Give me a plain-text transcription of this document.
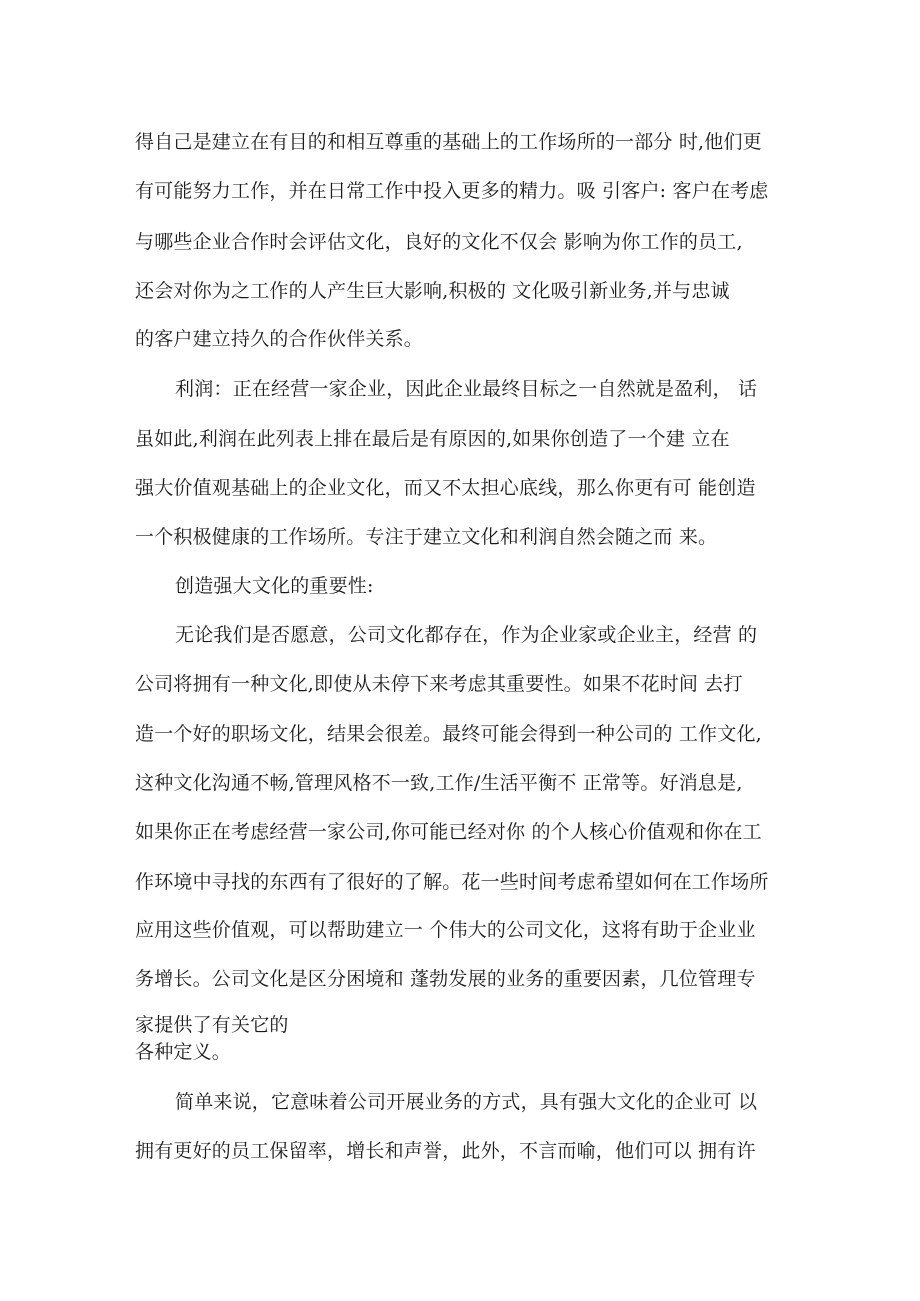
得自己是建立在有目的和相互尊重的基础上的工作场所的一部分 时,他们更
有可能努力工作，并在日常工作中投入更多的精力。吸 引客户: 客户在考虑
与哪些企业合作时会评估文化，良好的文化不仅会 影响为你工作的员工,
还会对你为之工作的人产生巨大影响,积极的 文化吸引新业务,并与忠诚
的客户建立持久的合作伙伴关系。
利润：正在经营一家企业，因此企业最终目标之一自然就是盈利， 话
虽如此,利润在此列表上排在最后是有原因的,如果你创造了一个建 立在
强大价值观基础上的企业文化，而又不太担心底线，那么你更有可 能创造
一个积极健康的工作场所。专注于建立文化和利润自然会随之而 来。
创造强大文化的重要性:
无论我们是否愿意，公司文化都存在，作为企业家或企业主，经营 的
公司将拥有一种文化,即使从未停下来考虑其重要性。如果不花时间 去打
造一个好的职场文化，结果会很差。最终可能会得到一种公司的 工作文化,
这种文化沟通不畅,管理风格不一致,工作/生活平衡不 正常等。好消息是,
如果你正在考虑经营一家公司,你可能已经对你 的个人核心价值观和你在工
作环境中寻找的东西有了很好的了解。花一些时间考虑希望如何在工作场所
应用这些价值观，可以帮助建立一 个伟大的公司文化，这将有助于企业业
务增长。公司文化是区分困境和 蓬勃发展的业务的重要因素，几位管理专
家提供了有关它的
各种定义。
简单来说，它意味着公司开展业务的方式，具有强大文化的企业可 以
拥有更好的员工保留率，增长和声誉，此外，不言而喻，他们可以 拥有许
